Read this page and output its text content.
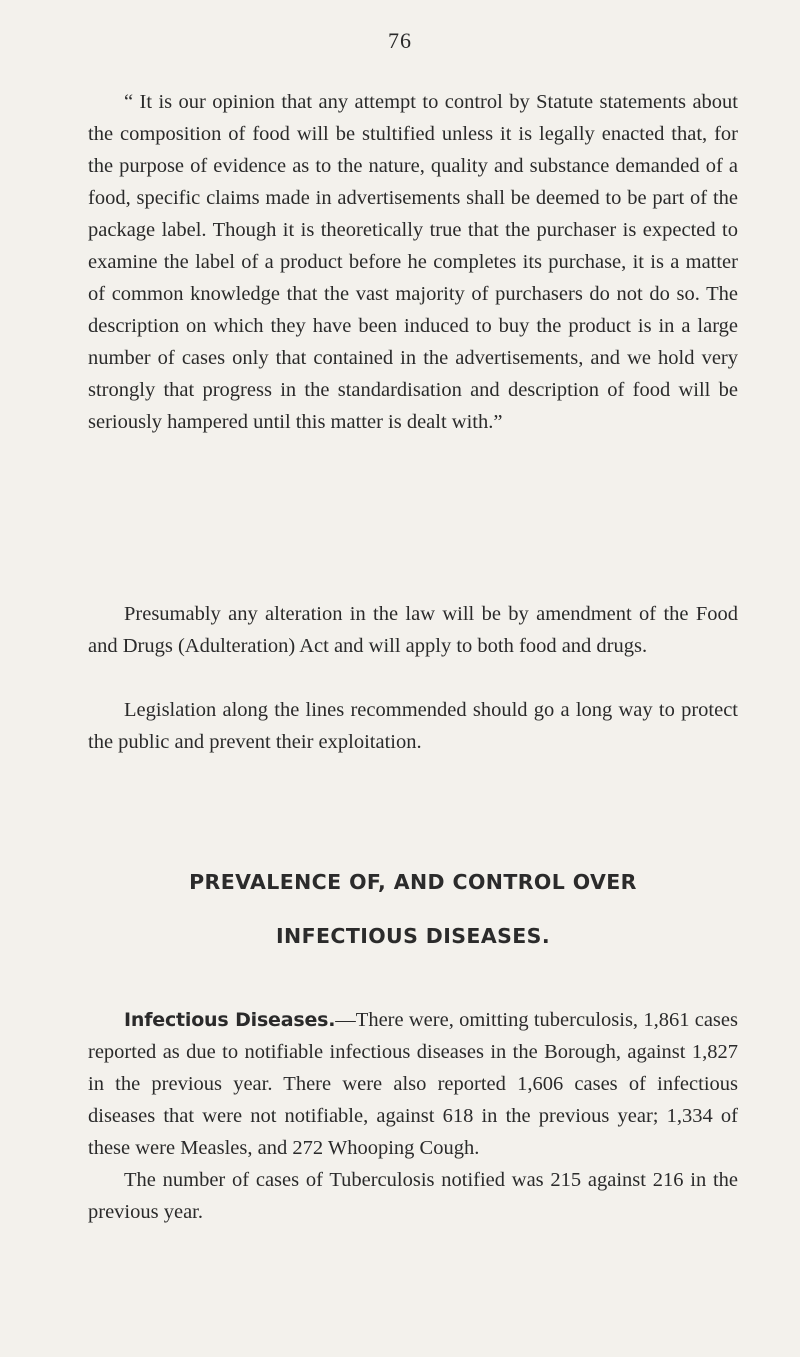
76

“ It is our opinion that any attempt to control by Statute statements about the composition of food will be stultified unless it is legally enacted that, for the purpose of evidence as to the nature, quality and substance demanded of a food, specific claims made in advertisements shall be deemed to be part of the package label. Though it is theoretically true that the purchaser is expected to examine the label of a product before he completes its purchase, it is a matter of common knowledge that the vast majority of purchasers do not do so. The description on which they have been induced to buy the product is in a large number of cases only that contained in the advertisements, and we hold very strongly that progress in the standardisation and description of food will be seriously hampered until this matter is dealt with.”

Presumably any alteration in the law will be by amendment of the Food and Drugs (Adulteration) Act and will apply to both food and drugs.

Legislation along the lines recommended should go a long way to protect the public and prevent their exploitation.

PREVALENCE OF, AND CONTROL OVER
INFECTIOUS DISEASES.

Infectious Diseases.—There were, omitting tuberculosis, 1,861 cases reported as due to notifiable infectious diseases in the Borough, against 1,827 in the previous year. There were also reported 1,606 cases of infectious diseases that were not notifiable, against 618 in the previous year; 1,334 of these were Measles, and 272 Whooping Cough.

The number of cases of Tuberculosis notified was 215 against 216 in the previous year.
